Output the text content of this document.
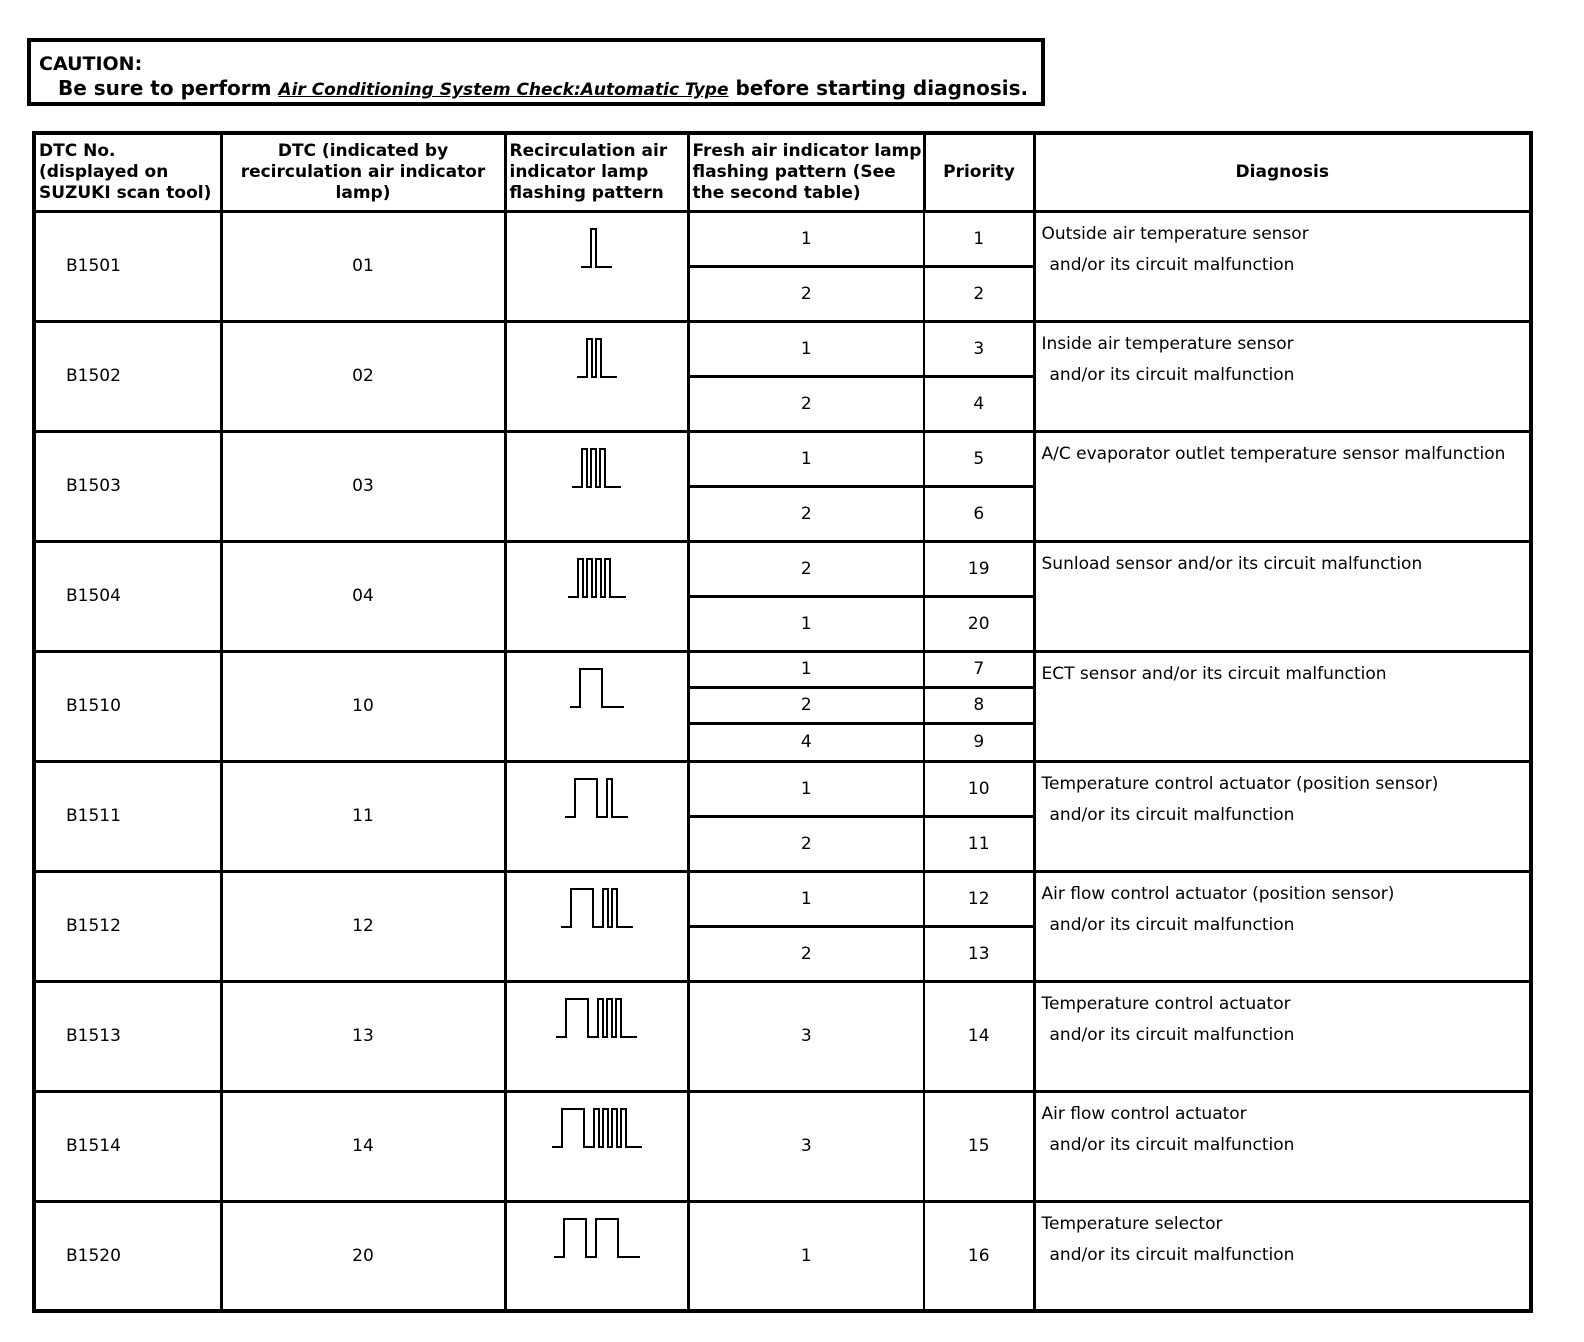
CAUTION:
Be sure to perform Air Conditioning System Check:Automatic Type before starting diagnosis.
DTC No. (displayed on SUZUKI scan tool)	DTC (indicated by recirculation air indicator lamp)	Recirculation air indicator lamp flashing pattern	Fresh air indicator lamp flashing pattern (See the second table)	Priority	Diagnosis
B1501	01		1	1	Outside air temperature sensor

and/or its circuit malfunction

			2	2	
B1502	02		1	3	Inside air temperature sensor

and/or its circuit malfunction

			2	4	
B1503	03		1	5	A/C evaporator outlet temperature sensor malfunction

			2	6	
B1504	04		2	19	Sunload sensor and/or its circuit malfunction

			1	20	
B1510	10		1	7	ECT sensor and/or its circuit malfunction

			2	8	
			4	9	
B1511	11		1	10	Temperature control actuator (position sensor)

and/or its circuit malfunction

			2	11	
B1512	12		1	12	Air flow control actuator (position sensor)

and/or its circuit malfunction

			2	13	
B1513	13		3	14	Temperature control actuator

and/or its circuit malfunction

B1514	14		3	15	Air flow control actuator

and/or its circuit malfunction

B1520	20		1	16	Temperature selector

and/or its circuit malfunction
